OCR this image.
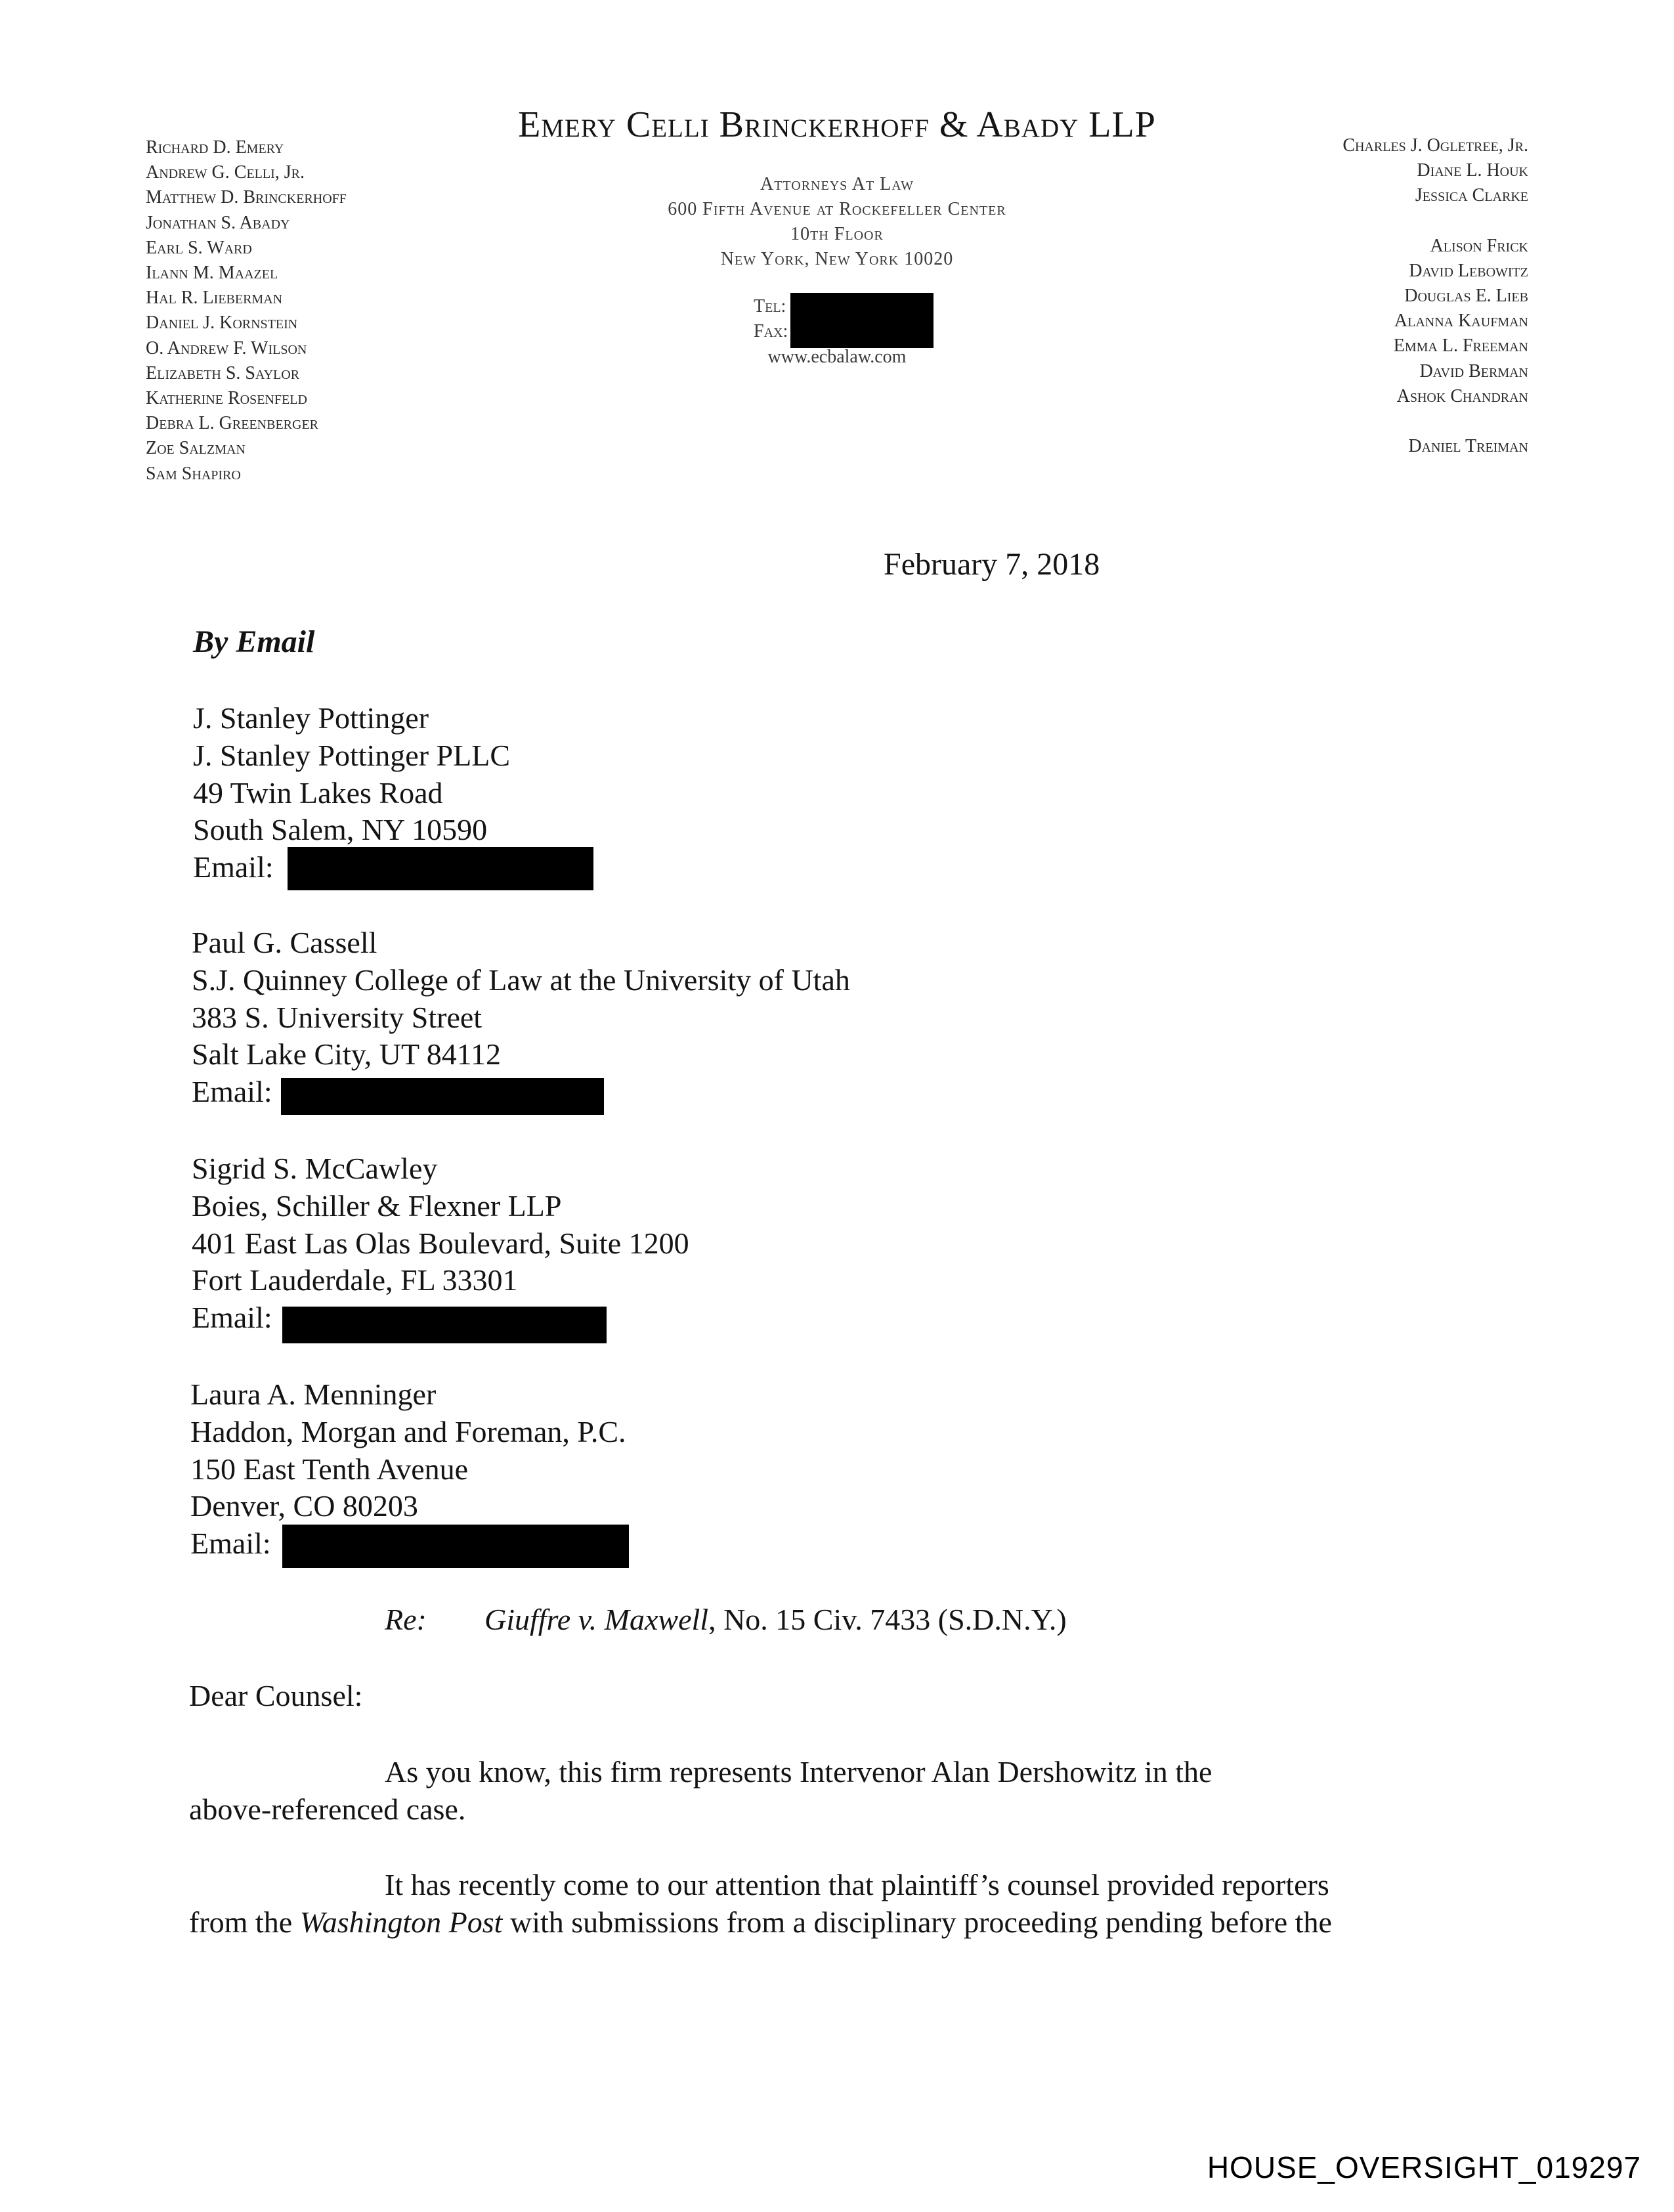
Emery Celli Brinckerhoff & Abady LLP
Attorneys At Law
600 Fifth Avenue at Rockefeller Center
10th Floor
New York, New York 10020
Tel:
Fax:
www.ecbalaw.com
Richard D. Emery
Andrew G. Celli, Jr.
Matthew D. Brinckerhoff
Jonathan S. Abady
Earl S. Ward
Ilann M. Maazel
Hal R. Lieberman
Daniel J. Kornstein
O. Andrew F. Wilson
Elizabeth S. Saylor
Katherine Rosenfeld
Debra L. Greenberger
Zoe Salzman
Sam Shapiro
Charles J. Ogletree, Jr.
Diane L. Houk
Jessica Clarke
Alison Frick
David Lebowitz
Douglas E. Lieb
Alanna Kaufman
Emma L. Freeman
David Berman
Ashok Chandran
Daniel Treiman
February 7, 2018
By Email
J. Stanley Pottinger
J. Stanley Pottinger PLLC
49 Twin Lakes Road
South Salem, NY 10590
Email:
Paul G. Cassell
S.J. Quinney College of Law at the University of Utah
383 S. University Street
Salt Lake City, UT 84112
Email:
Sigrid S. McCawley
Boies, Schiller & Flexner LLP
401 East Las Olas Boulevard, Suite 1200
Fort Lauderdale, FL 33301
Email:
Laura A. Menninger
Haddon, Morgan and Foreman, P.C.
150 East Tenth Avenue
Denver, CO 80203
Email:
Re: Giuffre v. Maxwell, No. 15 Civ. 7433 (S.D.N.Y.)
Dear Counsel:
As you know, this firm represents Intervenor Alan Dershowitz in the
above-referenced case.
It has recently come to our attention that plaintiff’s counsel provided reporters
from the Washington Post with submissions from a disciplinary proceeding pending before the
HOUSE_OVERSIGHT_019297
